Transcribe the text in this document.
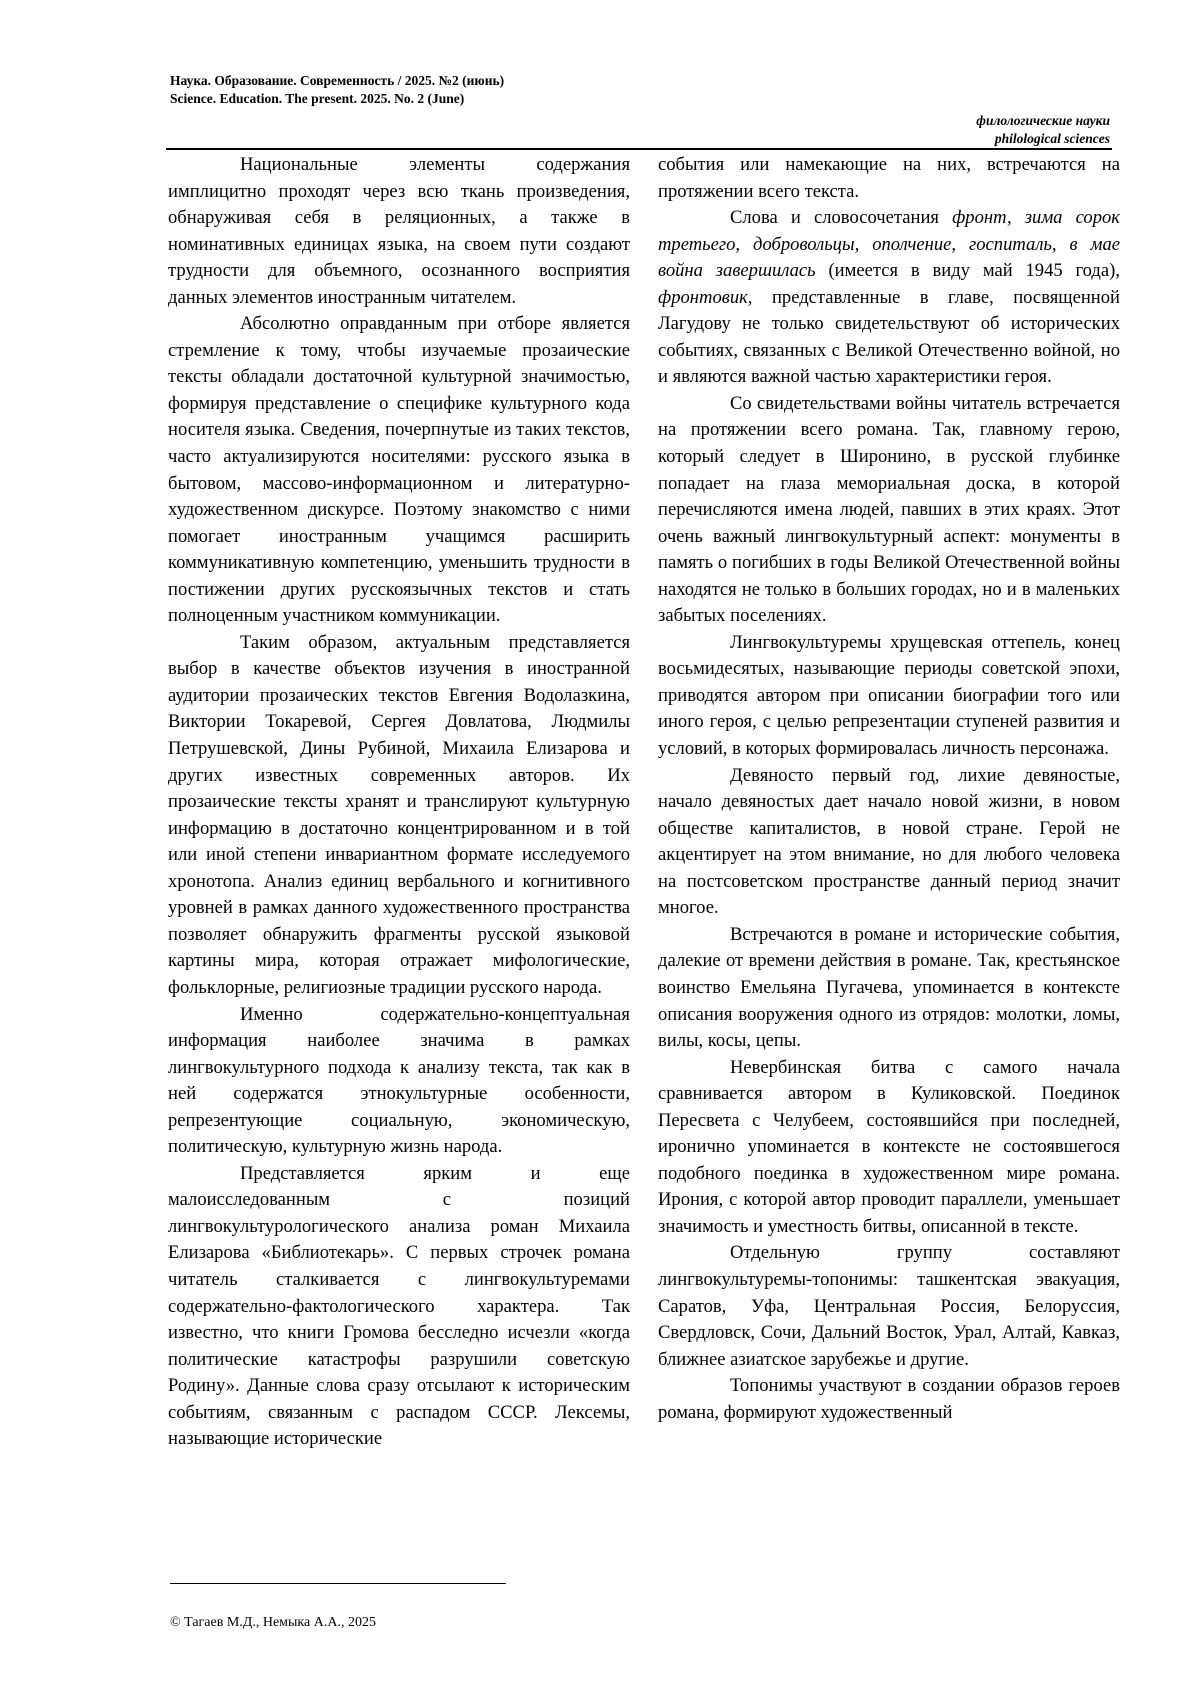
Наука. Образование. Современность / 2025. №2 (июнь)
Science. Education. The present. 2025. No. 2 (June)
филологические науки
philological sciences

Национальные элементы содержания имплицитно проходят через всю ткань произведения, обнаруживая себя в реляционных, а также в номинативных единицах языка, на своем пути создают трудности для объемного, осознанного восприятия данных элементов иностранным читателем.

Абсолютно оправданным при отборе является стремление к тому, чтобы изучаемые прозаические тексты обладали достаточной культурной значимостью, формируя представление о специфике культурного кода носителя языка. Сведения, почерпнутые из таких текстов, часто актуализируются носителями: русского языка в бытовом, массово-информационном и литературно-художественном дискурсе. Поэтому знакомство с ними помогает иностранным учащимся расширить коммуникативную компетенцию, уменьшить трудности в постижении других русскоязычных текстов и стать полноценным участником коммуникации.

Таким образом, актуальным представляется выбор в качестве объектов изучения в иностранной аудитории прозаических текстов Евгения Водолазкина, Виктории Токаревой, Сергея Довлатова, Людмилы Петрушевской, Дины Рубиной, Михаила Елизарова и других известных современных авторов. Их прозаические тексты хранят и транслируют культурную информацию в достаточно концентрированном и в той или иной степени инвариантном формате исследуемого хронотопа. Анализ единиц вербального и когнитивного уровней в рамках данного художественного пространства позволяет обнаружить фрагменты русской языковой картины мира, которая отражает мифологические, фольклорные, религиозные традиции русского народа.

Именно содержательно-концептуальная информация наиболее значима в рамках лингвокультурного подхода к анализу текста, так как в ней содержатся этнокультурные особенности, репрезентующие социальную, экономическую, политическую, культурную жизнь народа.

Представляется ярким и еще малоисследованным с позиций лингвокультурологического анализа роман Михаила Елизарова «Библиотекарь». С первых строчек романа читатель сталкивается с лингвокультуремами содержательно-фактологического характера. Так известно, что книги Громова бесследно исчезли «когда политические катастрофы разрушили советскую Родину». Данные слова сразу отсылают к историческим событиям, связанным с распадом СССР. Лексемы, называющие исторические

события или намекающие на них, встречаются на протяжении всего текста.

Слова и словосочетания фронт, зима сорок третьего, добровольцы, ополчение, госпиталь, в мае война завершилась (имеется в виду май 1945 года), фронтовик, представленные в главе, посвященной Лагудову не только свидетельствуют об исторических событиях, связанных с Великой Отечественно войной, но и являются важной частью характеристики героя.

Со свидетельствами войны читатель встречается на протяжении всего романа. Так, главному герою, который следует в Широнино, в русской глубинке попадает на глаза мемориальная доска, в которой перечисляются имена людей, павших в этих краях. Этот очень важный лингвокультурный аспект: монументы в память о погибших в годы Великой Отечественной войны находятся не только в больших городах, но и в маленьких забытых поселениях.

Лингвокультуремы хрущевская оттепель, конец восьмидесятых, называющие периоды советской эпохи, приводятся автором при описании биографии того или иного героя, с целью репрезентации ступеней развития и условий, в которых формировалась личность персонажа.

Девяносто первый год, лихие девяностые, начало девяностых дает начало новой жизни, в новом обществе капиталистов, в новой стране. Герой не акцентирует на этом внимание, но для любого человека на постсоветском пространстве данный период значит многое.

Встречаются в романе и исторические события, далекие от времени действия в романе. Так, крестьянское воинство Емельяна Пугачева, упоминается в контексте описания вооружения одного из отрядов: молотки, ломы, вилы, косы, цепы.

Невербинская битва с самого начала сравнивается автором в Куликовской. Поединок Пересвета с Челубеем, состоявшийся при последней, иронично упоминается в контексте не состоявшегося подобного поединка в художественном мире романа. Ирония, с которой автор проводит параллели, уменьшает значимость и уместность битвы, описанной в тексте.

Отдельную группу составляют лингвокультуремы-топонимы: ташкентская эвакуация, Саратов, Уфа, Центральная Россия, Белоруссия, Свердловск, Сочи, Дальний Восток, Урал, Алтай, Кавказ, ближнее азиатское зарубежье и другие.

Топонимы участвуют в создании образов героев романа, формируют художественный

© Тагаев М.Д., Немыка А.А., 2025
